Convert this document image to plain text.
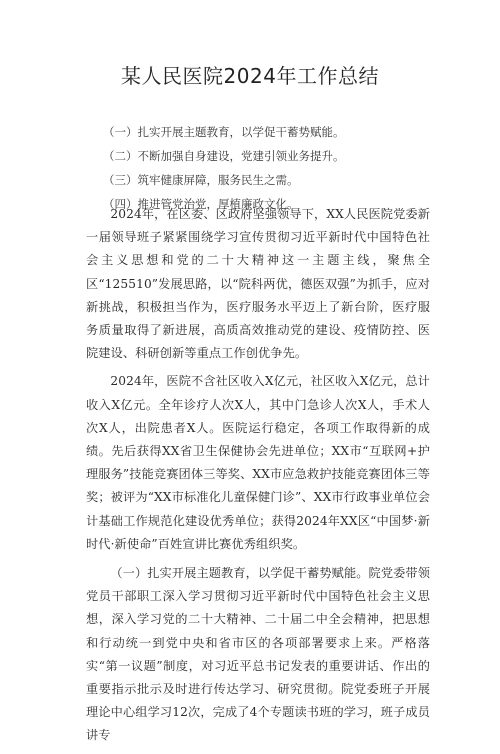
某人民医院2024年工作总结
（一）扎实开展主题教育，以学促干蓄势赋能。
（二）不断加强自身建设，党建引领业务提升。
（三）筑牢健康屏障，服务民生之需。
（四）推进管党治党，厚植廉政文化。

2024年，在区委、区政府坚强领导下，XX人民医院党委新一届领导班子紧紧围绕学习宣传贯彻习近平新时代中国特色社会主义思想和党的二十大精神这一主题主线，聚焦全区“125510”发展思路，以“院科两优，德医双强”为抓手，应对新挑战，积极担当作为，医疗服务水平迈上了新台阶，医疗服务质量取得了新进展，高质高效推动党的建设、疫情防控、医院建设、科研创新等重点工作创优争先。

2024年，医院不含社区收入X亿元，社区收入X亿元，总计收入X亿元。全年诊疗人次X人，其中门急诊人次X人，手术人次X人，出院患者X人。医院运行稳定，各项工作取得新的成绩。先后获得XX省卫生保健协会先进单位；XX市“互联网+护理服务”技能竞赛团体三等奖、XX市应急救护技能竞赛团体三等奖；被评为“XX市标准化儿童保健门诊”、XX市行政事业单位会计基础工作规范化建设优秀单位；获得2024年XX区“中国梦·新时代·新使命”百姓宣讲比赛优秀组织奖。

（一）扎实开展主题教育，以学促干蓄势赋能。院党委带领党员干部职工深入学习贯彻习近平新时代中国特色社会主义思想，深入学习党的二十大精神、二十届二中全会精神，把思想和行动统一到党中央和省市区的各项部署要求上来。严格落实“第一议题”制度，对习近平总书记发表的重要讲话、作出的重要指示批示及时进行传达学习、研究贯彻。院党委班子开展理论中心组学习12次，完成了4个专题读书班的学习，班子成员讲专
